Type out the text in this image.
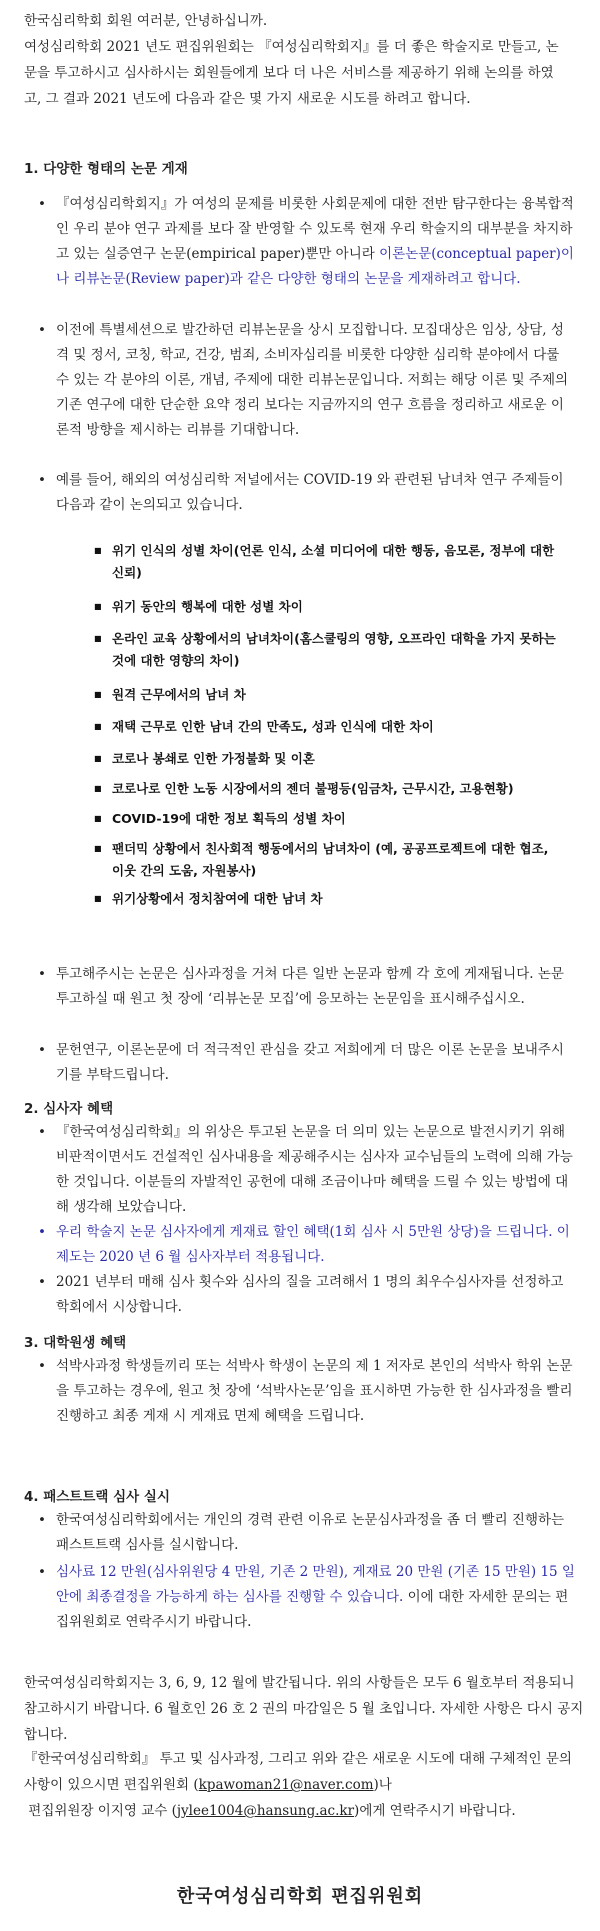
한국심리학회 회원 여러분, 안녕하십니까.
여성심리학회 2021 년도 편집위원회는 『여성심리학회지』를 더 좋은 학술지로 만들고, 논문을 투고하시고 심사하시는 회원들에게 보다 더 나은 서비스를 제공하기 위해 논의를 하였고, 그 결과 2021 년도에 다음과 같은 몇 가지 새로운 시도를 하려고 합니다.
1. 다양한 형태의 논문 게재
• 『여성심리학회지』가 여성의 문제를 비롯한 사회문제에 대한 전반 탐구한다는 융복합적인 우리 분야 연구 과제를 보다 잘 반영할 수 있도록 현재 우리 학술지의 대부분을 차지하고 있는 실증연구 논문(empirical paper)뿐만 아니라 이론논문(conceptual paper)이나 리뷰논문(Review paper)과 같은 다양한 형태의 논문을 게재하려고 합니다.
• 이전에 특별세션으로 발간하던 리뷰논문을 상시 모집합니다. 모집대상은 임상, 상담, 성격 및 정서, 코칭, 학교, 건강, 범죄, 소비자심리를 비롯한 다양한 심리학 분야에서 다룰 수 있는 각 분야의 이론, 개념, 주제에 대한 리뷰논문입니다. 저희는 해당 이론 및 주제의 기존 연구에 대한 단순한 요약 정리 보다는 지금까지의 연구 흐름을 정리하고 새로운 이론적 방향을 제시하는 리뷰를 기대합니다.
• 예를 들어, 해외의 여성심리학 저널에서는 COVID-19 와 관련된 남녀차 연구 주제들이 다음과 같이 논의되고 있습니다.
■ 위기 인식의 성별 차이(언론 인식, 소셜 미디어에 대한 행동, 음모론, 정부에 대한 신뢰)
■ 위기 동안의 행복에 대한 성별 차이
■ 온라인 교육 상황에서의 남녀차이(홈스쿨링의 영향, 오프라인 대학을 가지 못하는 것에 대한 영향의 차이)
■ 원격 근무에서의 남녀 차
■ 재택 근무로 인한 남녀 간의 만족도, 성과 인식에 대한 차이
■ 코로나 봉쇄로 인한 가정불화 및 이혼
■ 코로나로 인한 노동 시장에서의 젠더 불평등(임금차, 근무시간, 고용현황)
■ COVID-19에 대한 정보 획득의 성별 차이
■ 팬더믹 상황에서 친사회적 행동에서의 남녀차이 (예, 공공프로젝트에 대한 협조, 이웃 간의 도움, 자원봉사)
■ 위기상황에서 정치참여에 대한 남녀 차
• 투고해주시는 논문은 심사과정을 거쳐 다른 일반 논문과 함께 각 호에 게재됩니다. 논문 투고하실 때 원고 첫 장에 ‘리뷰논문 모집’에 응모하는 논문임을 표시해주십시오.
• 문헌연구, 이론논문에 더 적극적인 관심을 갖고 저희에게 더 많은 이론 논문을 보내주시기를 부탁드립니다.
2. 심사자 혜택
• 『한국여성심리학회』의 위상은 투고된 논문을 더 의미 있는 논문으로 발전시키기 위해 비판적이면서도 건설적인 심사내용을 제공해주시는 심사자 교수님들의 노력에 의해 가능한 것입니다. 이분들의 자발적인 공헌에 대해 조금이나마 혜택을 드릴 수 있는 방법에 대해 생각해 보았습니다.
• 우리 학술지 논문 심사자에게 게재료 할인 혜택(1회 심사 시 5만원 상당)을 드립니다. 이 제도는 2020 년 6 월 심사자부터 적용됩니다.
• 2021 년부터 매해 심사 횟수와 심사의 질을 고려해서 1 명의 최우수심사자를 선정하고 학회에서 시상합니다.
3. 대학원생 혜택
• 석박사과정 학생들끼리 또는 석박사 학생이 논문의 제 1 저자로 본인의 석박사 학위 논문을 투고하는 경우에, 원고 첫 장에 ‘석박사논문’임을 표시하면 가능한 한 심사과정을 빨리 진행하고 최종 게재 시 게재료 면제 혜택을 드립니다.
4. 패스트트랙 심사 실시
• 한국여성심리학회에서는 개인의 경력 관련 이유로 논문심사과정을 좀 더 빨리 진행하는 패스트트랙 심사를 실시합니다.
• 심사료 12 만원(심사위원당 4 만원, 기존 2 만원), 게재료 20 만원 (기존 15 만원) 15 일 안에 최종결정을 가능하게 하는 심사를 진행할 수 있습니다. 이에 대한 자세한 문의는 편집위원회로 연락주시기 바랍니다.
한국여성심리학회지는 3, 6, 9, 12 월에 발간됩니다. 위의 사항들은 모두 6 월호부터 적용되니 참고하시기 바랍니다. 6 월호인 26 호 2 권의 마감일은 5 월 초입니다. 자세한 사항은 다시 공지합니다.
『한국여성심리학회』 투고 및 심사과정, 그리고 위와 같은 새로운 시도에 대해 구체적인 문의사항이 있으시면 편집위원회 (kpawoman21@naver.com)나
편집위원장 이지영 교수 (jylee1004@hansung.ac.kr)에게 연락주시기 바랍니다.
한국여성심리학회 편집위원회
